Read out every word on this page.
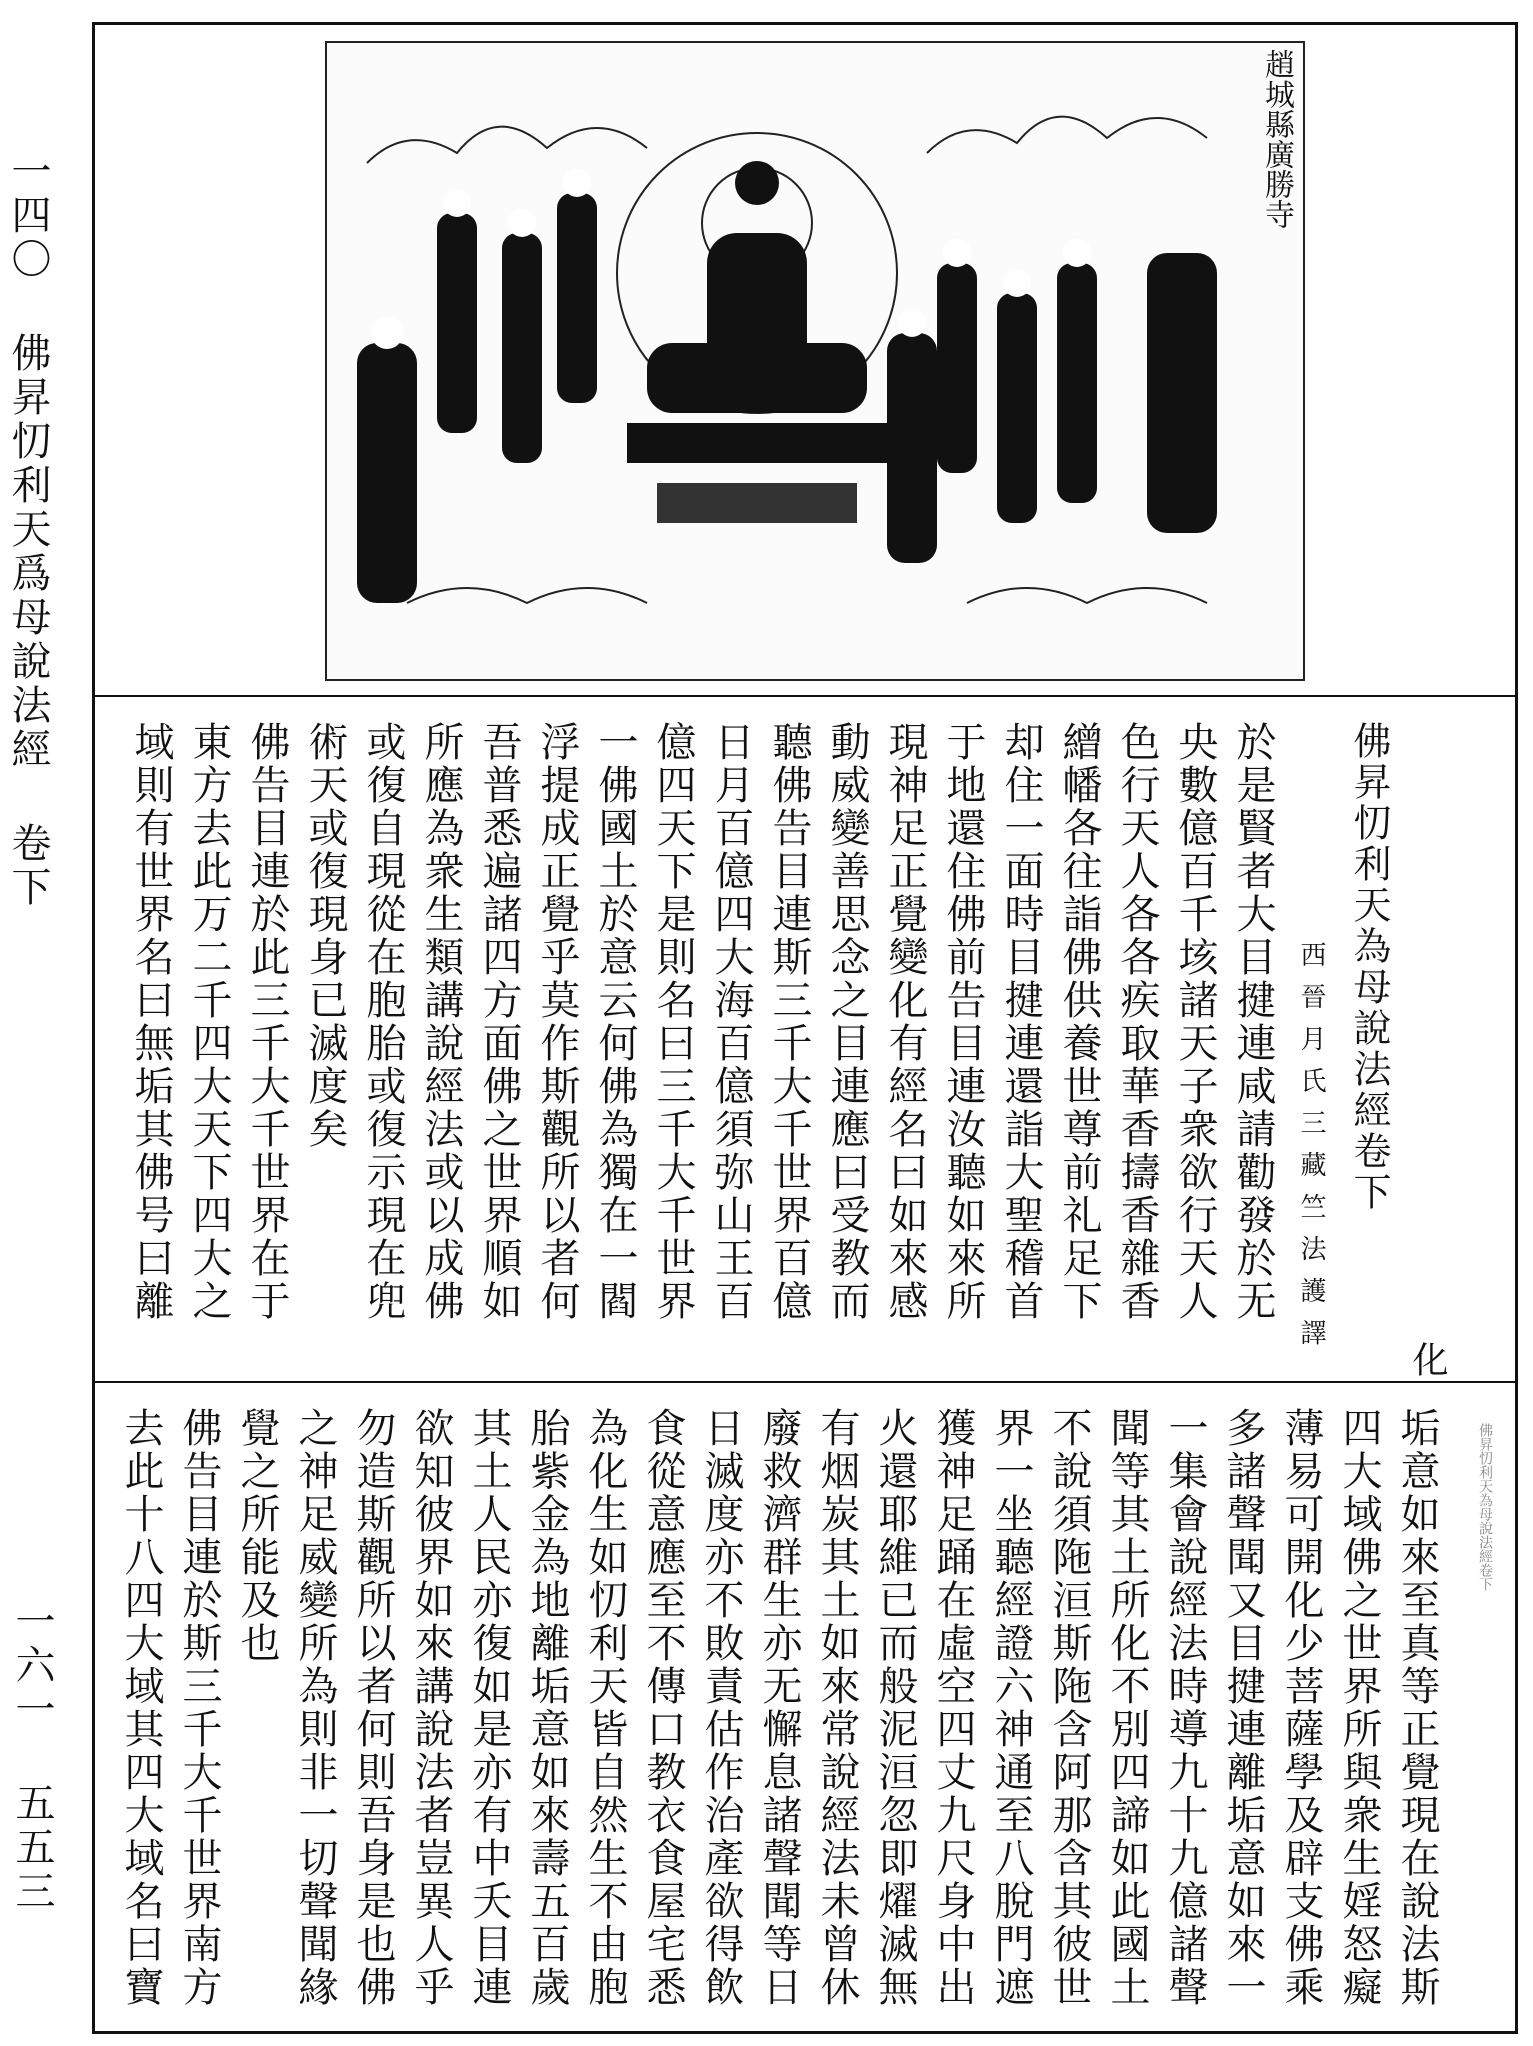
一四〇 佛昇忉利天爲母說法經 卷下
一六一 五五三
趙城縣廣勝寺
化
佛昇忉利天為母說法經卷下
西晉月氏三藏竺法護譯
於是賢者大目揵連咸請勸發於无
央數億百千垓諸天子衆欲行天人
色行天人各各疾取華香擣香雜香
繒幡各往詣佛供養世尊前礼足下
却住一面時目揵連還詣大聖稽首
于地還住佛前告目連汝聽如來所
現神足正覺變化有經名曰如來感
動威變善思念之目連應曰受教而
聽佛告目連斯三千大千世界百億
日月百億四大海百億須弥山王百
億四天下是則名曰三千大千世界
一佛國土於意云何佛為獨在一閻
浮提成正覺乎莫作斯觀所以者何
吾普悉遍諸四方面佛之世界順如
所應為衆生類講說經法或以成佛
或復自現從在胞胎或復示現在兜
術天或復現身已滅度矣
佛告目連於此三千大千世界在于
東方去此万二千四大天下四大之
域則有世界名曰無垢其佛号曰離
佛昇忉利天為母說法經卷下
垢意如來至真等正覺現在說法斯
四大域佛之世界所與衆生婬怒癡
薄易可開化少菩薩學及辟支佛乘
多諸聲聞又目揵連離垢意如來一
一集會說經法時導九十九億諸聲
聞等其土所化不別四諦如此國土
不說須陁洹斯陁含阿那含其彼世
界一坐聽經證六神通至八脫門遮
獲神足踊在虛空四丈九尺身中出
火還耶維已而般泥洹忽即燿滅無
有烟炭其土如來常說經法未曾休
廢救濟群生亦无懈息諸聲聞等日
日滅度亦不敗責估作治產欲得飲
食從意應至不傳口教衣食屋宅悉
為化生如忉利天皆自然生不由胞
胎紫金為地離垢意如來壽五百歲
其土人民亦復如是亦有中夭目連
欲知彼界如來講說法者豈異人乎
勿造斯觀所以者何則吾身是也佛
之神足威變所為則非一切聲聞緣
覺之所能及也
佛告目連於斯三千大千世界南方
去此十八四大域其四大域名曰寶
